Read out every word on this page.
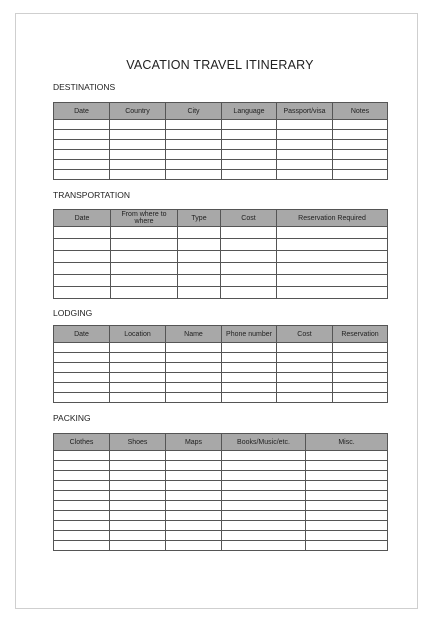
VACATION TRAVEL ITINERARY
DESTINATIONS
Date	Country	City	Language	Passport/visa	Notes

TRANSPORTATION
Date	From where to where	Type	Cost	Reservation Required

LODGING
Date	Location	Name	Phone number	Cost	Reservation

PACKING
Clothes	Shoes	Maps	Books/Music/etc.	Misc.
